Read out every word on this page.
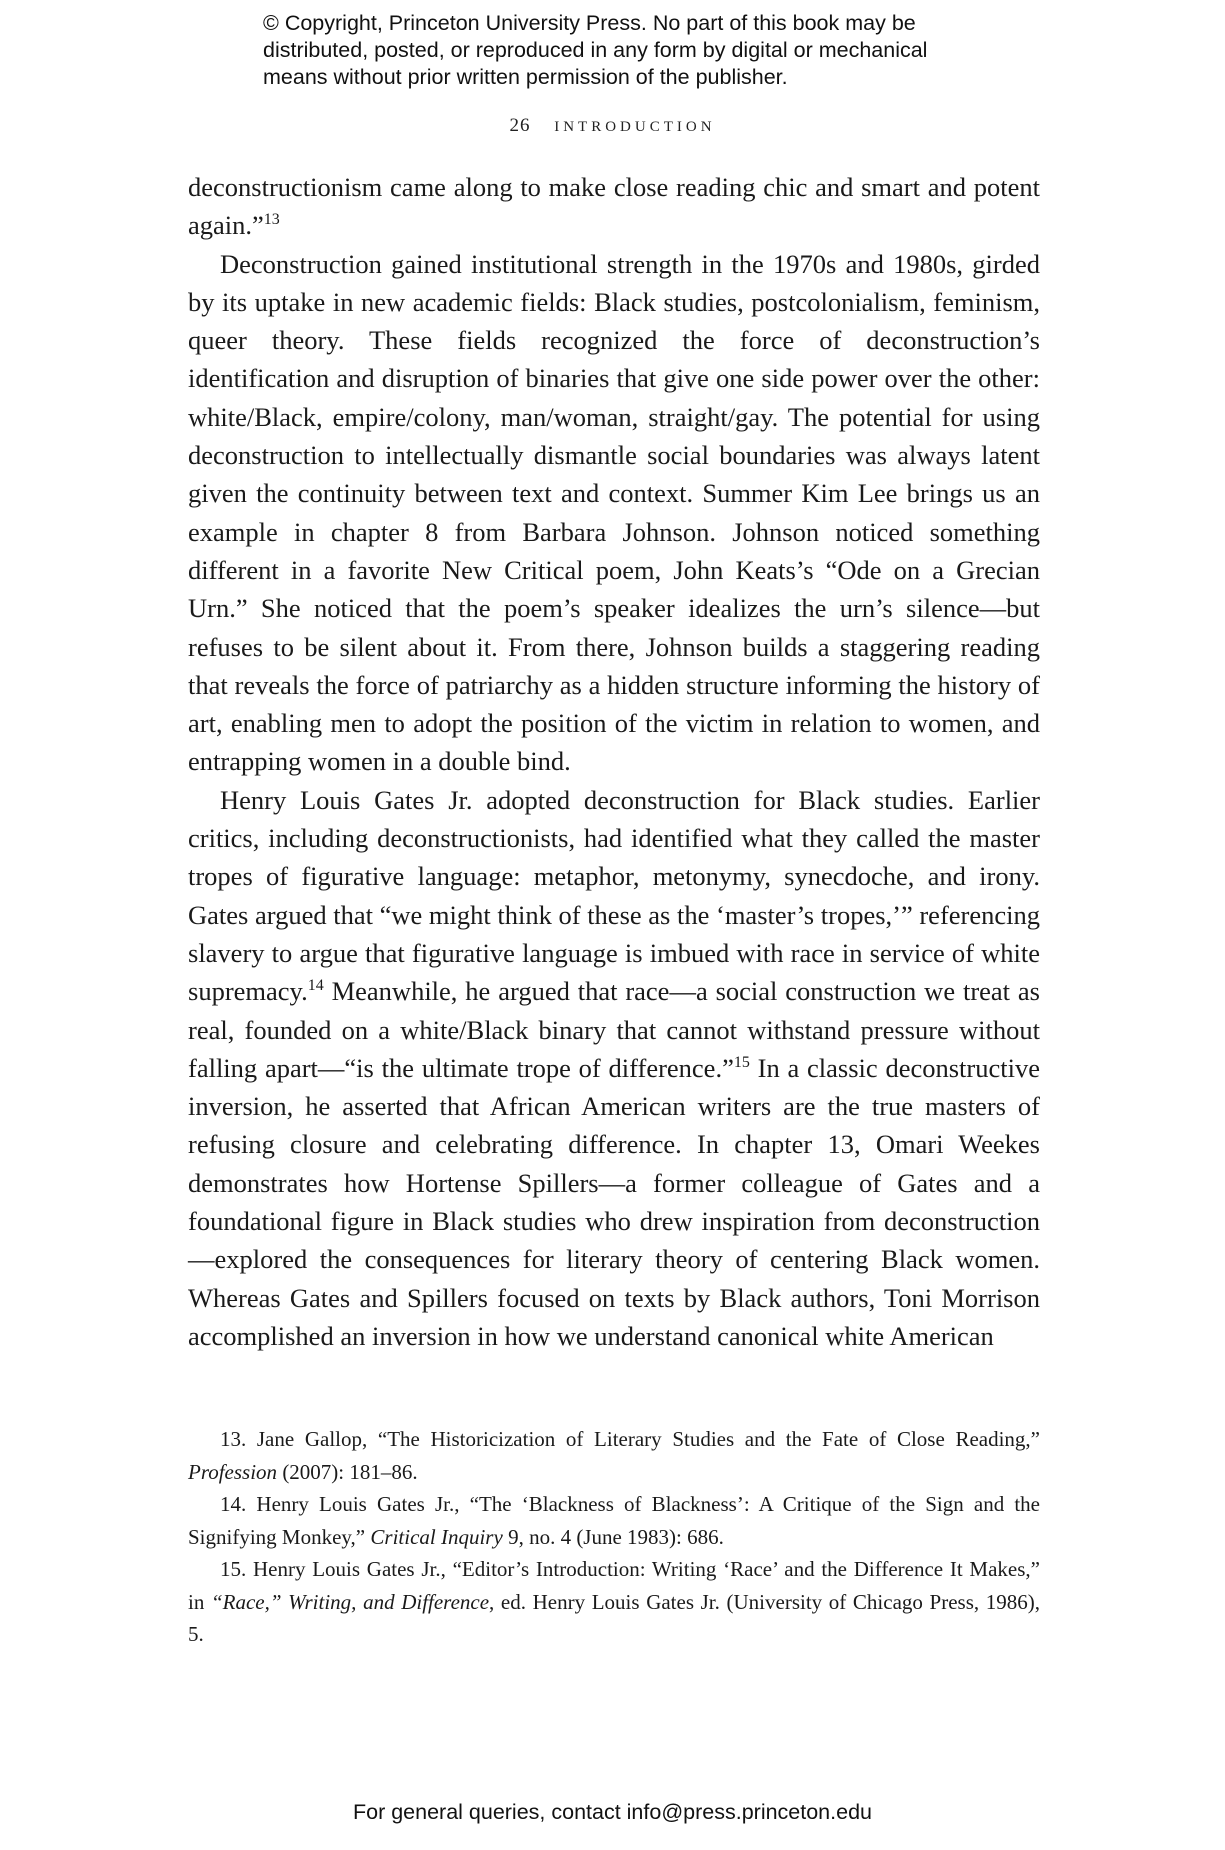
© Copyright, Princeton University Press. No part of this book may be distributed, posted, or reproduced in any form by digital or mechanical means without prior written permission of the publisher.
26 introduction

deconstructionism came along to make close reading chic and smart and potent again.”$^{13}$

Deconstruction gained institutional strength in the 1970s and 1980s, girded by its uptake in new academic fields: Black studies, postcolonialism, feminism, queer theory. These fields recognized the force of deconstruction’s identification and disruption of binaries that give one side power over the other: white/Black, empire/colony, man/woman, straight/gay. The potential for using deconstruction to intellectually dismantle social boundaries was always latent given the continuity between text and context. Summer Kim Lee brings us an example in chapter 8 from Barbara Johnson. Johnson noticed something different in a favorite New Critical poem, John Keats’s “Ode on a Grecian Urn.” She noticed that the poem’s speaker idealizes the urn’s silence—but refuses to be silent about it. From there, Johnson builds a staggering reading that reveals the force of patriarchy as a hidden structure informing the history of art, enabling men to adopt the position of the victim in relation to women, and entrapping women in a double bind.

Henry Louis Gates Jr. adopted deconstruction for Black studies. Earlier critics, including deconstructionists, had identified what they called the master tropes of figurative language: metaphor, metonymy, synecdoche, and irony. Gates argued that “we might think of these as the ‘master’s tropes,’” referencing slavery to argue that figurative language is imbued with race in service of white supremacy.$^{14}$ Meanwhile, he argued that race—a social construction we treat as real, founded on a white/Black binary that cannot withstand pressure without falling apart—“is the ultimate trope of difference.”$^{15}$ In a classic deconstructive inversion, he asserted that African American writers are the true masters of refusing closure and celebrating difference. In chapter 13, Omari Weekes demonstrates how Hortense Spillers—a former colleague of Gates and a foundational figure in Black studies who drew inspiration from deconstruction—explored the consequences for literary theory of centering Black women. Whereas Gates and Spillers focused on texts by Black authors, Toni Morrison accomplished an inversion in how we understand canonical white American

13. Jane Gallop, “The Historicization of Literary Studies and the Fate of Close Reading,” Profession (2007): 181–86.

14. Henry Louis Gates Jr., “The ‘Blackness of Blackness’: A Critique of the Sign and the Signifying Monkey,” Critical Inquiry 9, no. 4 (June 1983): 686.

15. Henry Louis Gates Jr., “Editor’s Introduction: Writing ‘Race’ and the Difference It Makes,” in “Race,” Writing, and Difference, ed. Henry Louis Gates Jr. (University of Chicago Press, 1986), 5.

For general queries, contact info@press.princeton.edu
